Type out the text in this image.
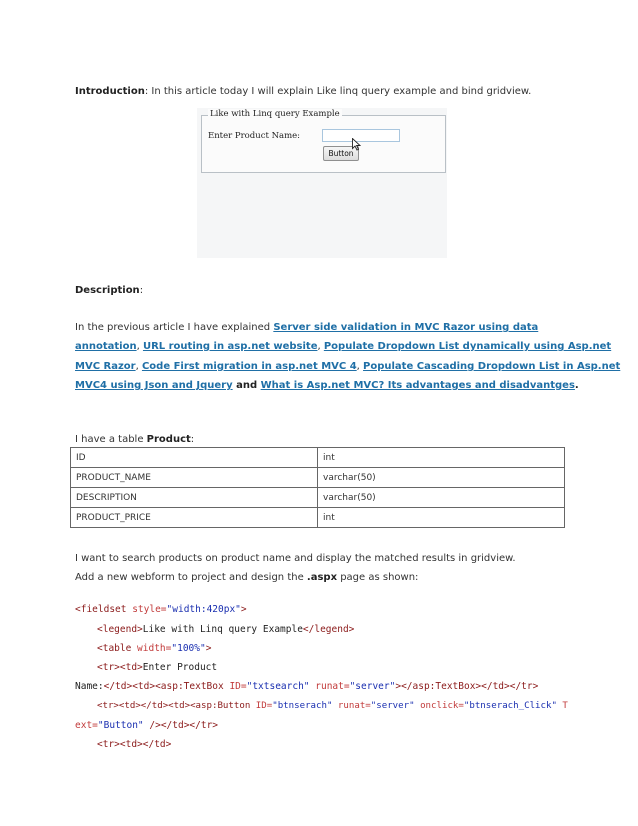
Introduction: In this article today I will explain Like linq query example and bind gridview.
Like with Linq query Example
Enter Product Name:
Button
Description:
In the previous article I have explained Server side validation in MVC Razor using data
annotation, URL routing in asp.net website, Populate Dropdown List dynamically using Asp.net
MVC Razor, Code First migration in asp.net MVC 4, Populate Cascading Dropdown List in Asp.net
MVC4 using Json and Jquery and What is Asp.net MVC? Its advantages and disadvantges.
I have a table Product:
ID	int
PRODUCT_NAME	varchar(50)
DESCRIPTION	varchar(50)
PRODUCT_PRICE	int
I want to search products on product name and display the matched results in gridview.
Add a new webform to project and design the .aspx page as shown:
<fieldset style="width:420px">
<legend>Like with Linq query Example</legend>
<table width="100%">
<tr><td>Enter Product
Name:</td><td><asp:TextBox ID="txtsearch" runat="server"></asp:TextBox></td></tr>
<tr><td></td><td><asp:Button ID="btnserach" runat="server" onclick="btnserach_Click" T
ext="Button" /></td></tr>
<tr><td></td>
